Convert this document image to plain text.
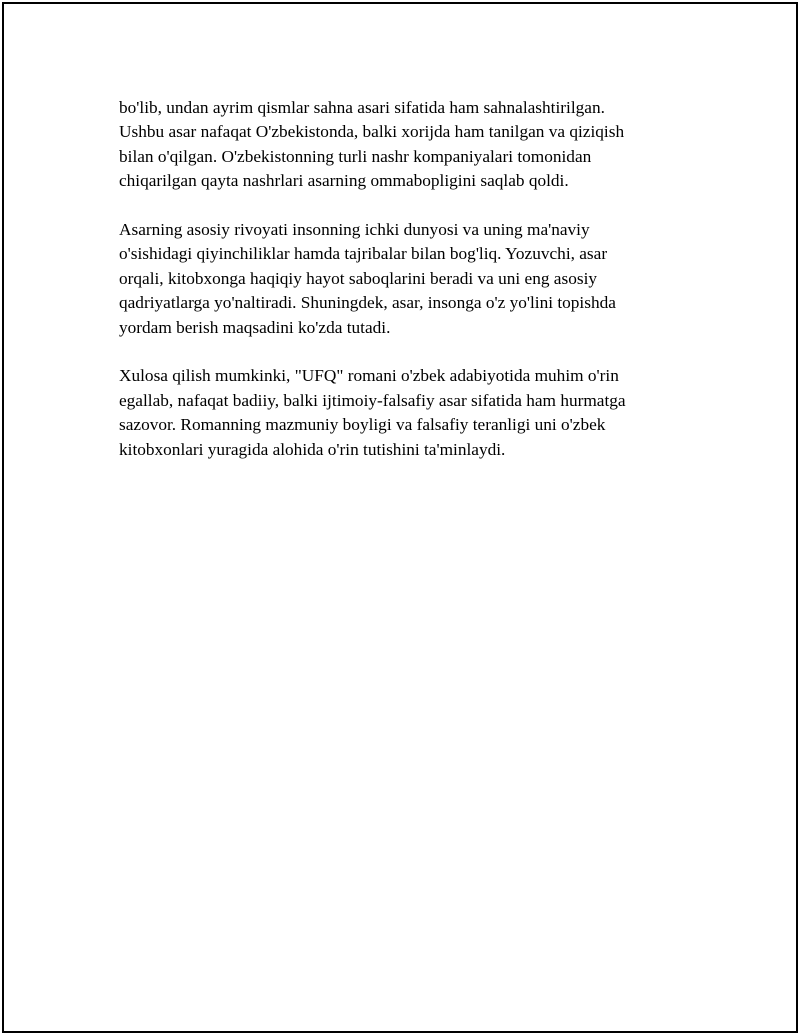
bo'lib, undan ayrim qismlar sahna asari sifatida ham sahnalashtirilgan.
Ushbu asar nafaqat O'zbekistonda, balki xorijda ham tanilgan va qiziqish
bilan o'qilgan. O'zbekistonning turli nashr kompaniyalari tomonidan
chiqarilgan qayta nashrlari asarning ommabopligini saqlab qoldi.

Asarning asosiy rivoyati insonning ichki dunyosi va uning ma'naviy
o'sishidagi qiyinchiliklar hamda tajribalar bilan bog'liq. Yozuvchi, asar
orqali, kitobxonga haqiqiy hayot saboqlarini beradi va uni eng asosiy
qadriyatlarga yo'naltiradi. Shuningdek, asar, insonga o'z yo'lini topishda
yordam berish maqsadini ko'zda tutadi.

Xulosa qilish mumkinki, "UFQ" romani o'zbek adabiyotida muhim o'rin
egallab, nafaqat badiiy, balki ijtimoiy-falsafiy asar sifatida ham hurmatga
sazovor. Romanning mazmuniy boyligi va falsafiy teranligi uni o'zbek
kitobxonlari yuragida alohida o'rin tutishini ta'minlaydi.
